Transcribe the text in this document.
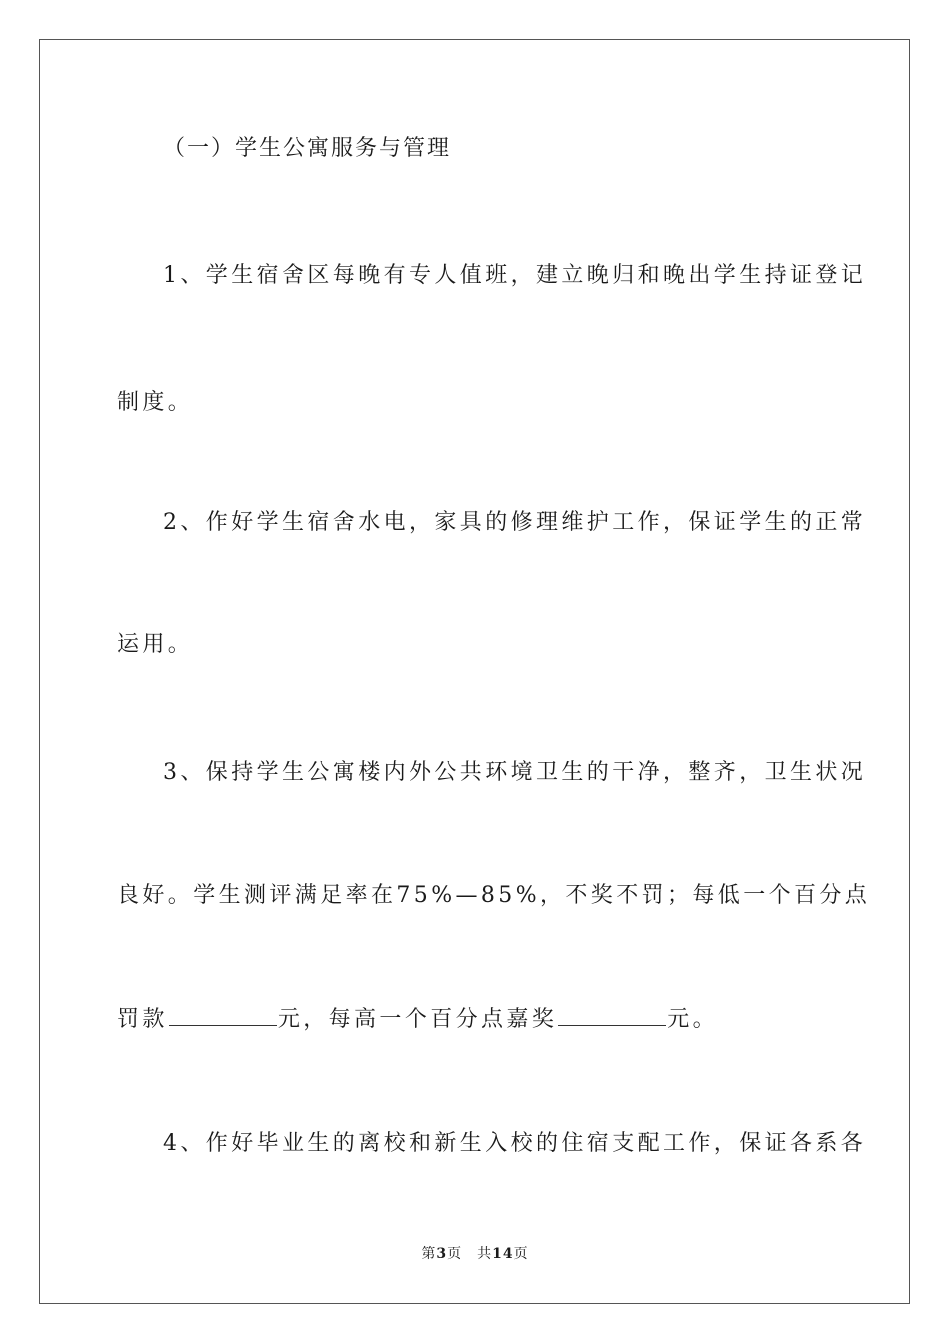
（一）学生公寓服务与管理
1、学生宿舍区每晚有专人值班，建立晚归和晚出学生持证登记
制度。
2、作好学生宿舍水电，家具的修理维护工作，保证学生的正常
运用。
3、保持学生公寓楼内外公共环境卫生的干净，整齐，卫生状况
良好。学生测评满足率在75%—85%，不奖不罚；每低一个百分点
罚款	元，每高一个百分点嘉奖	元。
4、作好毕业生的离校和新生入校的住宿支配工作，保证各系各
第3页　共14页
